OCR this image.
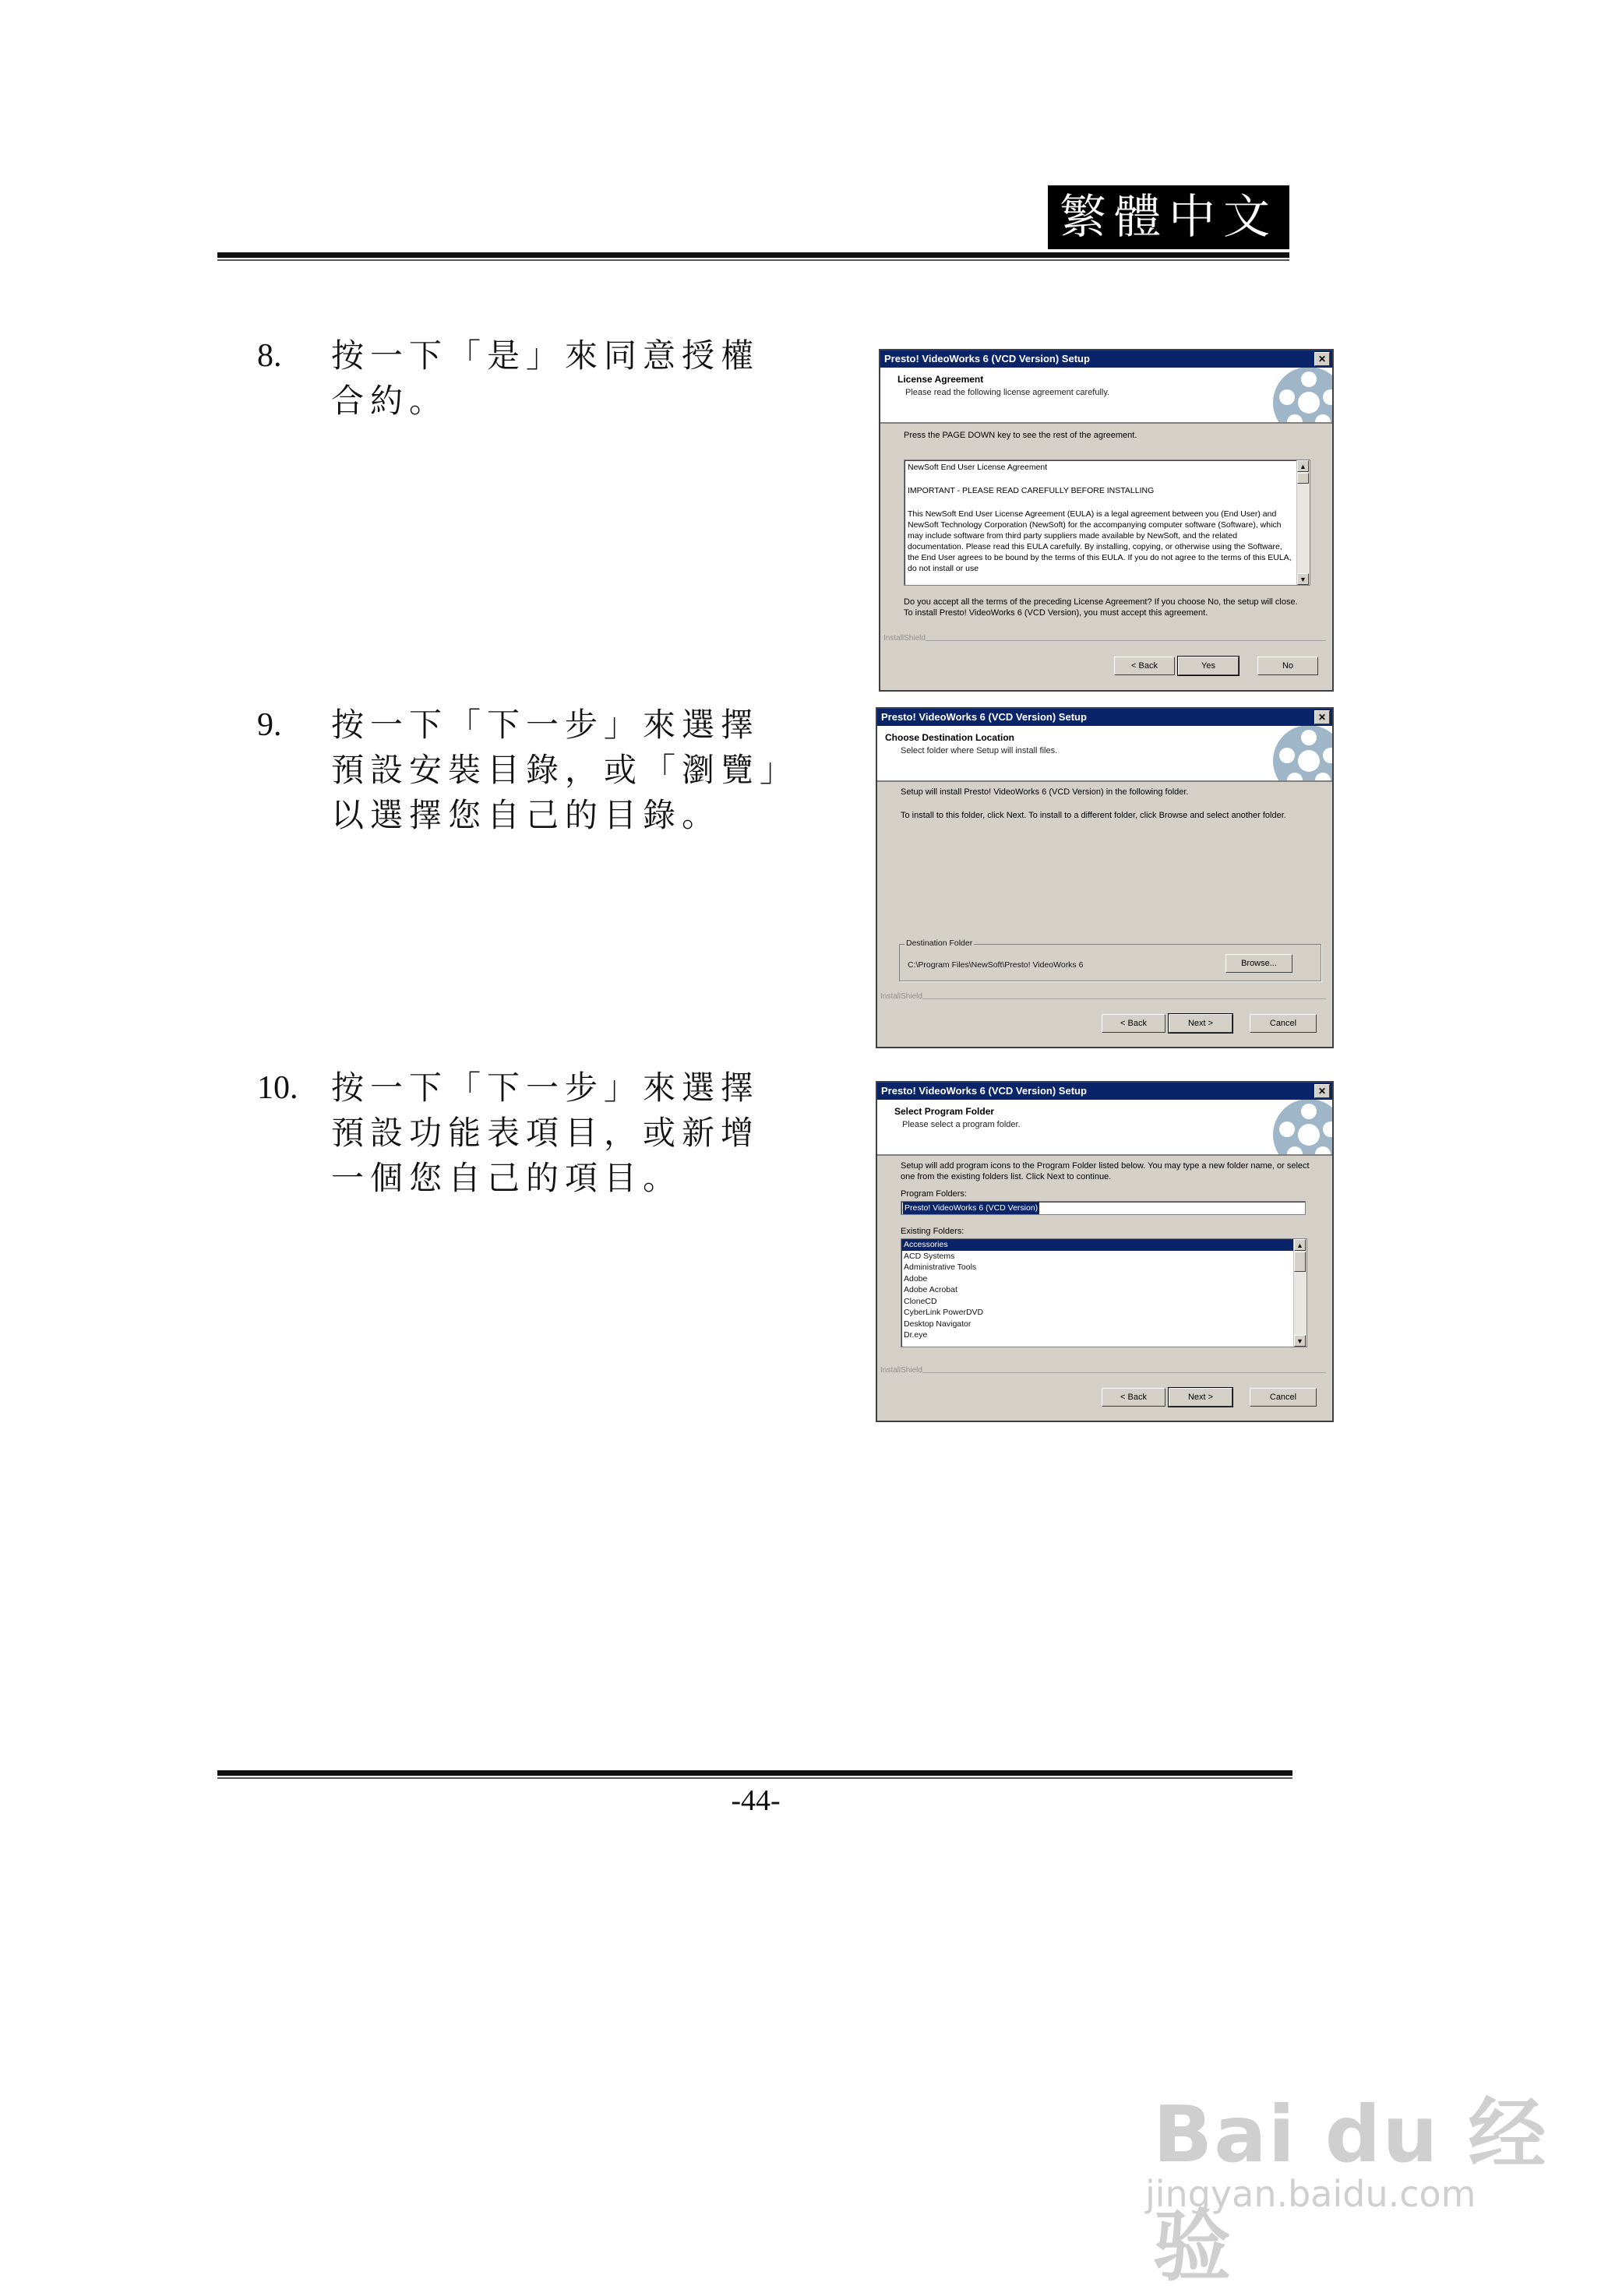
繁體中文
8. 按一下「是」來同意授權合約。
9. 按一下「下一步」來選擇預設安裝目錄，或「瀏覽」以選擇您自己的目錄。
10. 按一下「下一步」來選擇預設功能表項目，或新增一個您自己的項目。
Presto! VideoWorks 6 (VCD Version) Setup	✕
License Agreement
Please read the following license agreement carefully.
Press the PAGE DOWN key to see the rest of the agreement.
NewSoft End User License Agreement
IMPORTANT - PLEASE READ CAREFULLY BEFORE INSTALLING
This NewSoft End User License Agreement (EULA) is a legal agreement between you (End User) and NewSoft Technology Corporation (NewSoft) for the accompanying computer software (Software), which may include software from third party suppliers made available by NewSoft, and the related documentation. Please read this EULA carefully. By installing, copying, or otherwise using the Software, the End User agrees to be bound by the terms of this EULA. If you do not agree to the terms of this EULA, do not install or use
▲
▼
Do you accept all the terms of the preceding License Agreement? If you choose No, the setup will close. To install Presto! VideoWorks 6 (VCD Version), you must accept this agreement.
InstallShield
< Back	Yes	No
Presto! VideoWorks 6 (VCD Version) Setup	✕
Choose Destination Location
Select folder where Setup will install files.
Setup will install Presto! VideoWorks 6 (VCD Version) in the following folder.
To install to this folder, click Next. To install to a different folder, click Browse and select another folder.
Destination Folder
C:\Program Files\NewSoft\Presto! VideoWorks 6	Browse...
InstallShield
< Back	Next >	Cancel
Presto! VideoWorks 6 (VCD Version) Setup	✕
Select Program Folder
Please select a program folder.
Setup will add program icons to the Program Folder listed below. You may type a new folder name, or select one from the existing folders list. Click Next to continue.
Program Folders:
Presto! VideoWorks 6 (VCD Version)
Existing Folders:
Accessories
ACD Systems
Administrative Tools
Adobe
Adobe Acrobat
CloneCD
CyberLink PowerDVD
Desktop Navigator
Dr.eye
▲
▼
InstallShield
< Back	Next >	Cancel
-44-
Bai du 经验
jingyan.baidu.com
